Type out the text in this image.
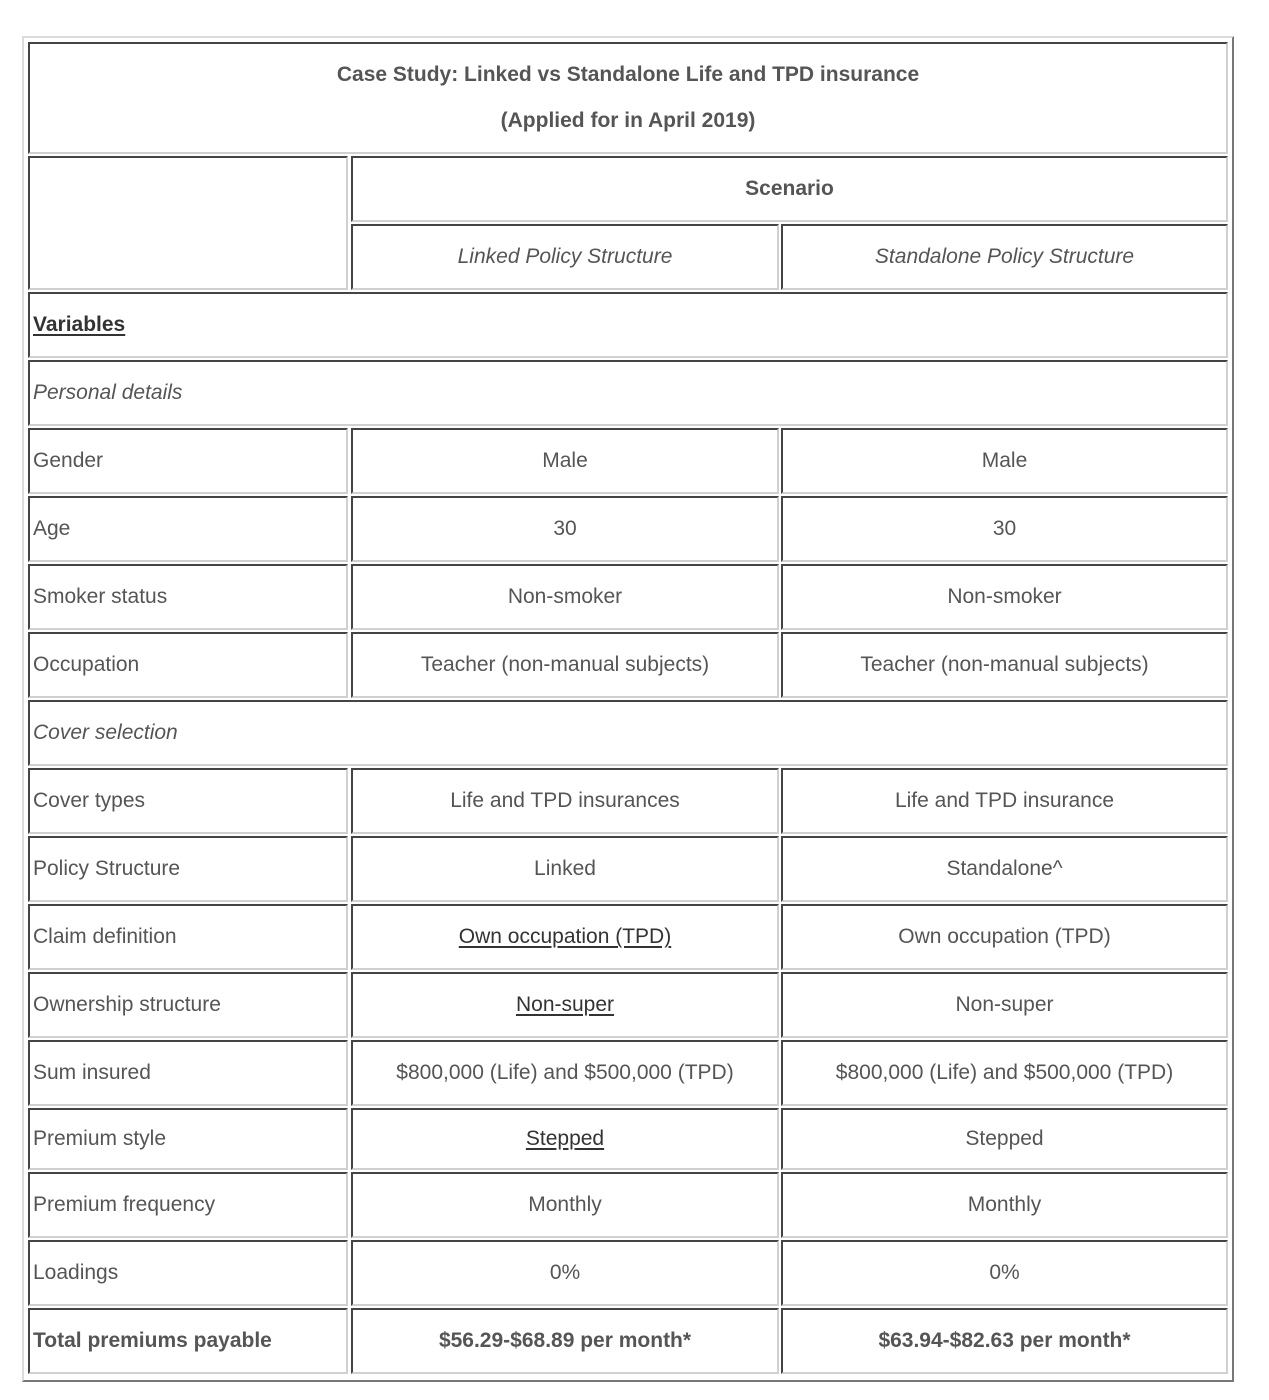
Case Study: Linked vs Standalone Life and TPD insurance
(Applied for in April 2019)
Scenario
Linked Policy Structure	Standalone Policy Structure
Variables
Personal details
Gender	Male	Male
Age	30	30
Smoker status	Non-smoker	Non-smoker
Occupation	Teacher (non-manual subjects)	Teacher (non-manual subjects)
Cover selection
Cover types	Life and TPD insurances	Life and TPD insurance
Policy Structure	Linked	Standalone^
Claim definition	Own occupation (TPD)	Own occupation (TPD)
Ownership structure	Non-super	Non-super
Sum insured	$800,000 (Life) and $500,000 (TPD)	$800,000 (Life) and $500,000 (TPD)
Premium style	Stepped	Stepped
Premium frequency	Monthly	Monthly
Loadings	0%	0%
Total premiums payable	$56.29-$68.89 per month*	$63.94-$82.63 per month*
